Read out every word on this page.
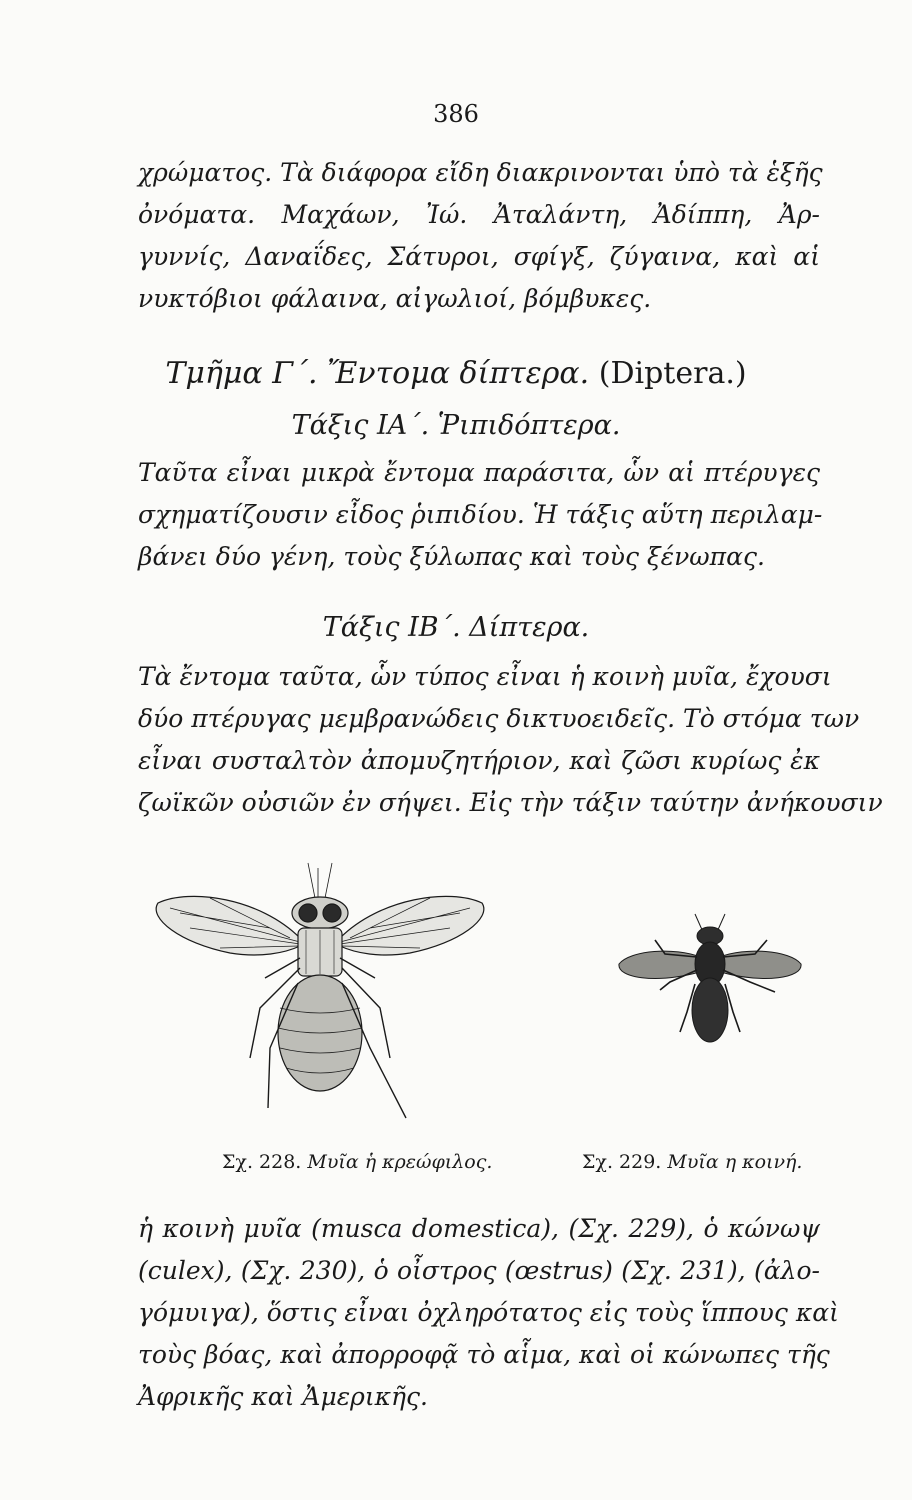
386
χρώματος. Τὰ διάφορα εἴδη διακρινονται ὑπὸ τὰ ἑξῆς
ὀνόματα. Μαχάων, Ἰώ. Ἀταλάντη, Ἀδίππη, Ἀρ-
γυννίς, Δαναΐδες, Σάτυροι, σφίγξ, ζύγαινα, καὶ αἱ
νυκτόβιοι φάλαινα, αἰγωλιοί, βόμβυκες.
Τμῆμα Γ΄. Ἔντομα δίπτερα. (Diptera.)
Τάξις ΙΑ΄. Ῥιπιδόπτερα.
Ταῦτα εἶναι μικρὰ ἔντομα παράσιτα, ὧν αἱ πτέρυγες
σχηματίζουσιν εἶδος ῥιπιδίου. Ἡ τάξις αὕτη περιλαμ-
βάνει δύο γένη, τοὺς ξύλωπας καὶ τοὺς ξένωπας.
Τάξις ΙΒ΄. Δίπτερα.
Τὰ ἔντομα ταῦτα, ὧν τύπος εἶναι ἡ κοινὴ μυῖα, ἔχουσι
δύο πτέρυγας μεμβρανώδεις δικτυοειδεῖς. Τὸ στόμα των
εἶναι συσταλτὸν ἀπομυζητήριον, καὶ ζῶσι κυρίως ἐκ
ζωϊκῶν οὐσιῶν ἐν σήψει. Εἰς τὴν τάξιν ταύτην ἀνήκουσιν
Σχ. 228. Μυῖα ἡ κρεώφιλος.	Σχ. 229. Μυῖα η κοινή.
ἡ κοινὴ μυῖα (musca domestica), (Σχ. 229), ὁ κώνωψ
(culex), (Σχ. 230), ὁ οἶστρος (œstrus) (Σχ. 231), (ἀλο-
γόμυιγα), ὅστις εἶναι ὀχληρότατος εἰς τοὺς ἵππους καὶ
τοὺς βόας, καὶ ἀπορροφᾷ τὸ αἷμα, καὶ οἱ κώνωπες τῆς
Ἀφρικῆς καὶ Ἀμερικῆς.
